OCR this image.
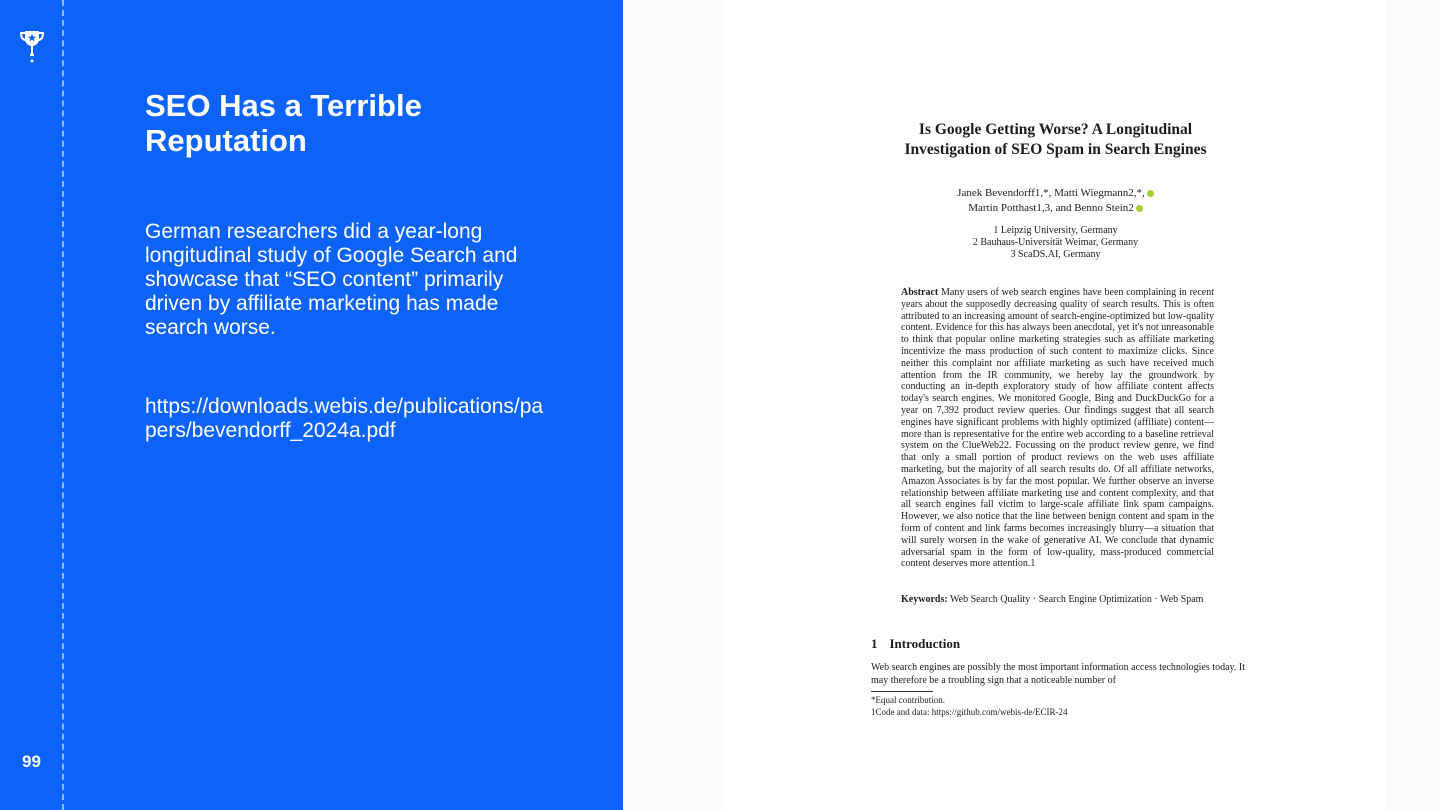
SEO Has a Terrible Reputation

German researchers did a year-long longitudinal study of Google Search and showcase that “SEO content” primarily driven by affiliate marketing has made search worse.

https://downloads.webis.de/publications/papers/bevendorff_2024a.pdf

99
Is Google Getting Worse? A Longitudinal
Investigation of SEO Spam in Search Engines

Janek Bevendorff1,*, Matti Wiegmann2,*,
Martin Potthast1,3, and Benno Stein2

1 Leipzig University, Germany
2 Bauhaus-Universität Weimar, Germany
3 ScaDS.AI, Germany

Abstract Many users of web search engines have been complaining in recent years about the supposedly decreasing quality of search results. This is often attributed to an increasing amount of search-engine-optimized but low-quality content. Evidence for this has always been anecdotal, yet it's not unreasonable to think that popular online marketing strategies such as affiliate marketing incentivize the mass production of such content to maximize clicks. Since neither this complaint nor affiliate marketing as such have received much attention from the IR community, we hereby lay the groundwork by conducting an in-depth exploratory study of how affiliate content affects today's search engines. We monitored Google, Bing and DuckDuckGo for a year on 7,392 product review queries. Our findings suggest that all search engines have significant problems with highly optimized (affiliate) content—more than is representative for the entire web according to a baseline retrieval system on the ClueWeb22. Focussing on the product review genre, we find that only a small portion of product reviews on the web uses affiliate marketing, but the majority of all search results do. Of all affiliate networks, Amazon Associates is by far the most popular. We further observe an inverse relationship between affiliate marketing use and content complexity, and that all search engines fall victim to large-scale affiliate link spam campaigns. However, we also notice that the line between benign content and spam in the form of content and link farms becomes increasingly blurry—a situation that will surely worsen in the wake of generative AI. We conclude that dynamic adversarial spam in the form of low-quality, mass-produced commercial content deserves more attention.1

Keywords: Web Search Quality · Search Engine Optimization · Web Spam

1 Introduction

Web search engines are possibly the most important information access technologies today. It may therefore be a troubling sign that a noticeable number of

*Equal contribution.

1Code and data: https://github.com/webis-de/ECIR-24
